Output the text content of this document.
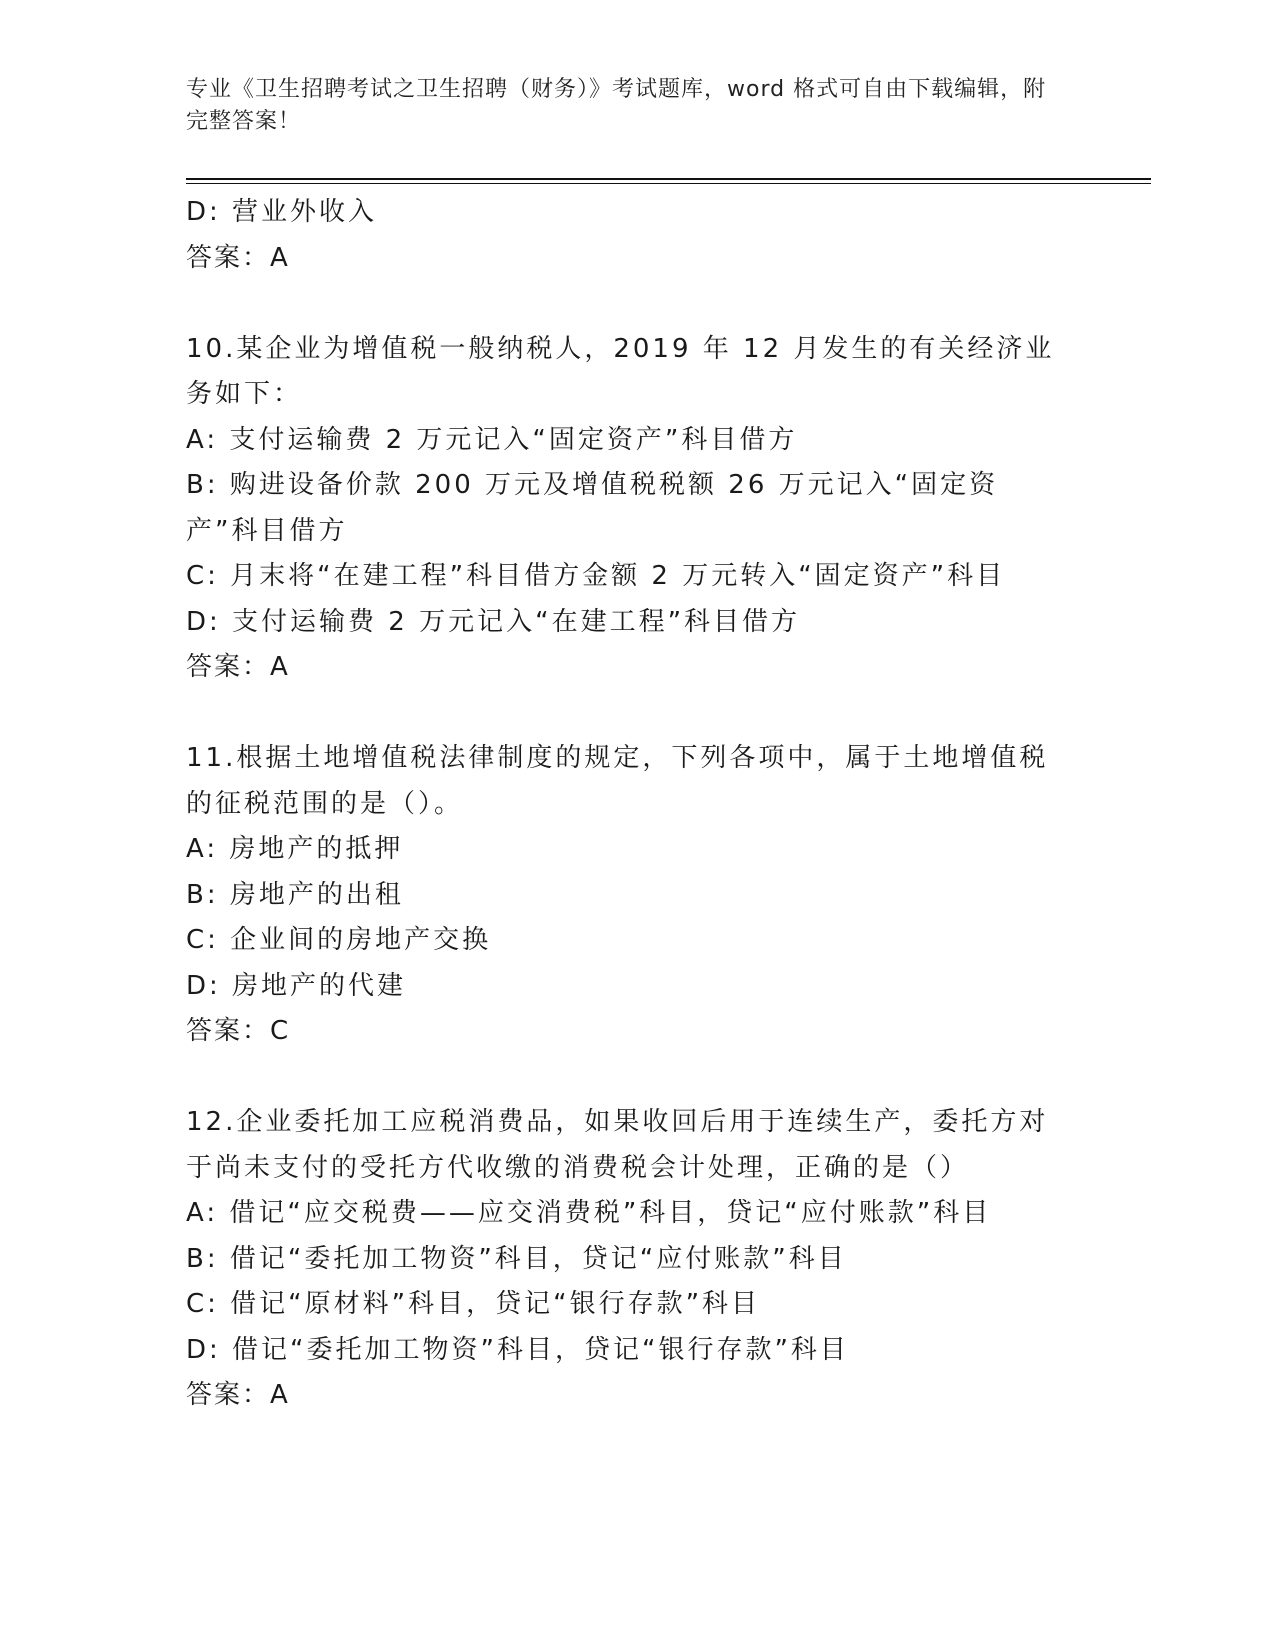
专业《卫生招聘考试之卫生招聘（财务）》考试题库，word 格式可自由下载编辑，附完整答案！
D: 营业外收入
答案：A
10.某企业为增值税一般纳税人，2019 年 12 月发生的有关经济业务如下：
A: 支付运输费 2 万元记入“固定资产”科目借方
B: 购进设备价款 200 万元及增值税税额 26 万元记入“固定资产”科目借方
C: 月末将“在建工程”科目借方金额 2 万元转入“固定资产”科目
D: 支付运输费 2 万元记入“在建工程”科目借方
答案：A
11.根据土地增值税法律制度的规定，下列各项中，属于土地增值税的征税范围的是（）。
A: 房地产的抵押
B: 房地产的出租
C: 企业间的房地产交换
D: 房地产的代建
答案：C
12.企业委托加工应税消费品，如果收回后用于连续生产，委托方对于尚未支付的受托方代收缴的消费税会计处理，正确的是（）
A: 借记“应交税费——应交消费税”科目，贷记“应付账款”科目
B: 借记“委托加工物资”科目，贷记“应付账款”科目
C: 借记“原材料”科目，贷记“银行存款”科目
D: 借记“委托加工物资”科目，贷记“银行存款”科目
答案：A
